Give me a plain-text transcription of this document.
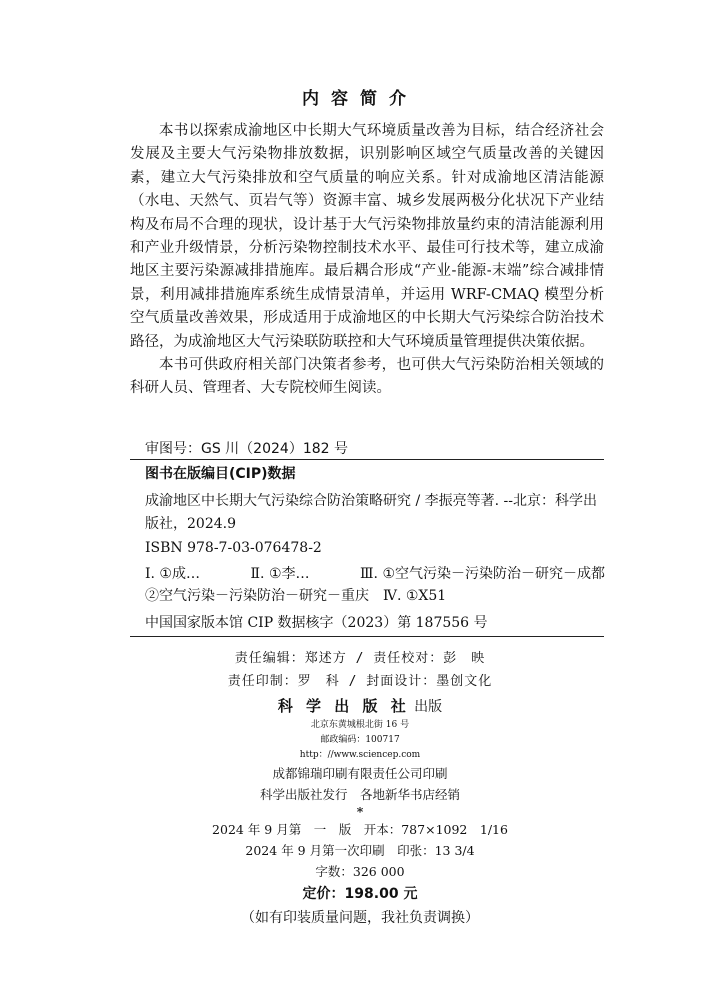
内容简介

本书以探索成渝地区中长期大气环境质量改善为目标，结合经济社会发展及主要大气污染物排放数据，识别影响区域空气质量改善的关键因素，建立大气污染排放和空气质量的响应关系。针对成渝地区清洁能源（水电、天然气、页岩气等）资源丰富、城乡发展两极分化状况下产业结构及布局不合理的现状，设计基于大气污染物排放量约束的清洁能源利用和产业升级情景，分析污染物控制技术水平、最佳可行技术等，建立成渝地区主要污染源减排措施库。最后耦合形成“产业-能源-末端”综合减排情景，利用减排措施库系统生成情景清单，并运用 WRF-CMAQ 模型分析空气质量改善效果，形成适用于成渝地区的中长期大气污染综合防治技术路径，为成渝地区大气污染联防联控和大气环境质量管理提供决策依据。

本书可供政府相关部门决策者参考，也可供大气污染防治相关领域的科研人员、管理者、大专院校师生阅读。

审图号：GS 川（2024）182 号
图书在版编目(CIP)数据
成渝地区中长期大气污染综合防治策略研究 / 李振亮等著. --北京：科学出版社，2024.9
ISBN 978-7-03-076478-2
Ⅰ. ①成…	Ⅱ. ①李…	Ⅲ. ①空气污染－污染防治－研究－成都
②空气污染－污染防治－研究－重庆　Ⅳ. ①X51
中国国家版本馆 CIP 数据核字（2023）第 187556 号
责任编辑：郑述方 / 责任校对：彭　映
责任印制：罗　科 / 封面设计：墨创文化
科 学 出 版 社 出版
北京东黄城根北街 16 号
邮政编码：100717
http：//www.sciencep.com
成都锦瑞印刷有限责任公司印刷
科学出版社发行　各地新华书店经销
*
2024 年 9 月第　一　版　开本：787×1092　1/16
2024 年 9 月第一次印刷　印张：13 3/4
字数：326 000
定价：198.00 元
（如有印装质量问题，我社负责调换）
